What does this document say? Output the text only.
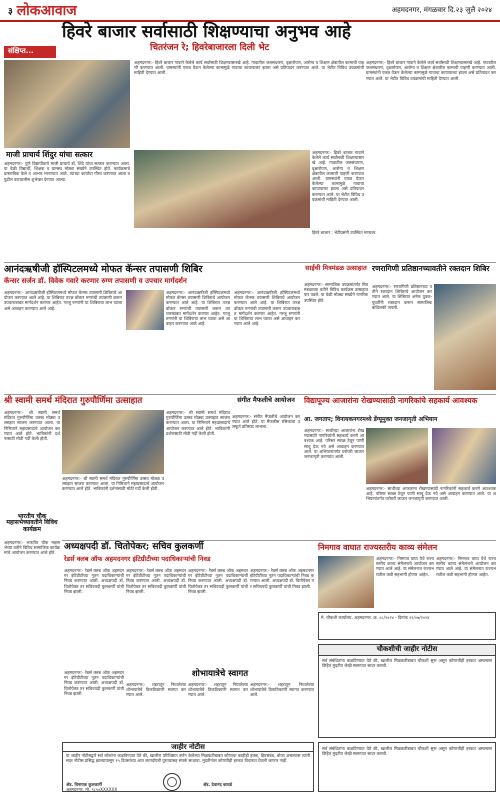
३ लोकआवाज	अहमदनगर, मंगळवार दि.२३ जुलै २०२४
संक्षिप्त...
हिवरे बाजार सर्वासाठी शिक्षण्याचा अनुभव आहे
चितरंजन रे; हिवरेबाजारला दिली भेट
माजी प्राचार्य शिंदुर यांचा सत्कार
अहमदनगर:- पुणे विद्यापीठाचे माजी प्राचार्य डॉ. शिंदे यांचा सत्कार करण्यात आला. या वेळी विद्यार्थी, शिक्षक व ग्रामस्थ मोठ्या संख्येने उपस्थित होते. कार्यक्रमाचे प्रास्ताविक केले व आभार मानण्यात आले. त्यांच्या कार्याचा गौरव करण्यात आला व पुढील वाटचालीस शुभेच्छा देण्यात आल्या.
अहमदनगर:- हिवरे बाजार गावाने केलेले कार्य सर्वांसाठी शिक्षण्यासारखे आहे. गावातील जलसंधारण, वृक्षारोपण, आरोग्य व शिक्षण क्षेत्रातील कामाची पाहणी करण्यात आली. ग्रामस्थांनी एकत्र येऊन केलेल्या कामामुळे गावाचा कायापालट झाला असे प्रतिपादन करण्यात आले. या भेटीत विविध उपक्रमांची माहिती देण्यात आली.
अहमदनगर:- हिवरे बाजार गावाने केलेले कार्य सर्वांसाठी शिक्षण्यासारखे आहे. गावातील जलसंधारण, वृक्षारोपण, आरोग्य व शिक्षण क्षेत्रातील कामाची पाहणी करण्यात आली. ग्रामस्थांनी एकत्र येऊन केलेल्या कामामुळे गावाचा कायापालट झाला असे प्रतिपादन करण्यात आले. या भेटीत विविध उपक्रमांची माहिती देण्यात आली.
हिवरे बाजार : भेटीप्रसंगी उपस्थित मान्यवर.
अहमदनगर:- हिवरे बाजार गावाने केलेले कार्य सर्वांसाठी शिक्षण्यासारखे आहे. गावातील जलसंधारण, वृक्षारोपण, आरोग्य व शिक्षण क्षेत्रातील कामाची पाहणी करण्यात आली. ग्रामस्थांनी एकत्र येऊन केलेल्या कामामुळे गावाचा कायापालट झाला असे प्रतिपादन करण्यात आले. या भेटीत विविध उपक्रमांची माहिती देण्यात आली.
आनंदऋषीजी हॉस्पिटलमध्ये मोफत कॅन्सर तपासणी शिबिर
कॅन्सर सर्जन डॉ. विवेक गवारे करणार रुग्ण तपासणी व उपचार मार्गदर्शन
अहमदनगर:- आनंदऋषीजी हॉस्पिटलमध्ये मोफत कॅन्सर तपासणी शिबिराचे आयोजन करण्यात आले आहे. या शिबिरात तज्ज्ञ डॉक्टर रुग्णांची तपासणी करून उपचाराबाबत मार्गदर्शन करणार आहेत. गरजू रुग्णांनी या शिबिराचा लाभ घ्यावा असे आवाहन करण्यात आले आहे.
अहमदनगर:- आनंदऋषीजी हॉस्पिटलमध्ये मोफत कॅन्सर तपासणी शिबिराचे आयोजन करण्यात आले आहे. या शिबिरात तज्ज्ञ डॉक्टर रुग्णांची तपासणी करून उपचाराबाबत मार्गदर्शन करणार आहेत. गरजू रुग्णांनी या शिबिराचा लाभ घ्यावा असे आवाहन करण्यात आले आहे.
अहमदनगर:- आनंदऋषीजी हॉस्पिटलमध्ये मोफत कॅन्सर तपासणी शिबिराचे आयोजन करण्यात आले आहे. या शिबिरात तज्ज्ञ डॉक्टर रुग्णांची तपासणी करून उपचाराबाबत मार्गदर्शन करणार आहेत. गरजू रुग्णांनी या शिबिराचा लाभ घ्यावा असे आवाहन करण्यात आले आहे.
साईची मित्रमंडळ उत्साहात
अहमदनगर:- सामाजिक उपक्रमांतर्गत मित्रमंडळाच्या वतीने विविध कार्यक्रम उत्साहात पार पडले. या वेळी मोठ्या संख्येने नागरिक उपस्थित होते.
रणरागिणी प्रतिष्ठानच्यावतीने रक्तदान शिबिर
अहमदनगर:- रणरागिणी प्रतिष्ठानच्या वतीने रक्तदान शिबिराचे आयोजन करण्यात आले. या शिबिरात अनेक युवक-युवतींनी रक्तदान करून सामाजिक बांधिलकी जपली.
श्री स्वामी समर्थ मंदिरात गुरुपौर्णिमा उत्साहात
अहमदनगर:- श्री स्वामी समर्थ मंदिरात गुरुपौर्णिमा उत्सव मोठ्या उत्साहात साजरा करण्यात आला. या निमित्ताने महाप्रसादाचे आयोजन करण्यात आले होते. भाविकांनी दर्शनासाठी मोठी गर्दी केली होती.
अहमदनगर:- श्री स्वामी समर्थ मंदिरात गुरुपौर्णिमा उत्सव मोठ्या उत्साहात साजरा करण्यात आला. या निमित्ताने महाप्रसादाचे आयोजन करण्यात आले होते. भाविकांनी दर्शनासाठी मोठी गर्दी केली होती.
अहमदनगर:- श्री स्वामी समर्थ मंदिरात गुरुपौर्णिमा उत्सव मोठ्या उत्साहात साजरा करण्यात आला. या निमित्ताने महाप्रसादाचे आयोजन करण्यात आले होते. भाविकांनी दर्शनासाठी मोठी गर्दी केली होती.
संगीत मैफलीचे आयोजन
अहमदनगर:- संगीत मैफलीचे आयोजन करण्यात आले होते. या मैफलीस रसिकांचा उत्स्फूर्त प्रतिसाद लाभला.
विद्यापूज्य आजारांना रोखण्यासाठी नागरिकांचे सहकार्य आवश्यक
आ. जगताप; विनायकनगरमध्ये डेंग्यूमुक्त जनजागृती अभियान
अहमदनगर:- साथीच्या आजारांना रोखण्यासाठी नागरिकांनी सहकार्य करणे आवश्यक आहे. परिसर स्वच्छ ठेवून पाणी साचू देऊ नये असे आवाहन करण्यात आले. या अभियानांतर्गत घरोघरी जाऊन जनजागृती करण्यात आली.
अहमदनगर:- साथीच्या आजारांना रोखण्यासाठी नागरिकांनी सहकार्य करणे आवश्यक आहे. परिसर स्वच्छ ठेवून पाणी साचू देऊ नये असे आवाहन करण्यात आले. या अभियानांतर्गत घरोघरी जाऊन जनजागृती करण्यात आली.
भारतीय चौक महासभेच्यावतीने विविध कार्यक्रम
अहमदनगर:- भारतीय चौक महासभेच्या वतीने विविध सामाजिक कार्यक्रमांचे आयोजन करण्यात आले होते.
अध्यक्षपदी डॉ. चितोपेकर; सचिव कुलकर्णी
रेडर्स क्लब ऑफ अहमदनगर इंटिग्रीटीच्या पदाधिकाऱ्यांची निवड
अहमदनगर:- रेडर्स क्लब ऑफ अहमदनगर इंटिग्रीटीच्या नूतन पदाधिकाऱ्यांची निवड करण्यात आली. अध्यक्षपदी डॉ. चितोपेकर तर सचिवपदी कुलकर्णी यांची निवड झाली.
अहमदनगर:- रेडर्स क्लब ऑफ अहमदनगर इंटिग्रीटीच्या नूतन पदाधिकाऱ्यांची निवड करण्यात आली. अध्यक्षपदी डॉ. चितोपेकर तर सचिवपदी कुलकर्णी यांची निवड झाली.
अहमदनगर:- रेडर्स क्लब ऑफ अहमदनगर इंटिग्रीटीच्या नूतन पदाधिकाऱ्यांची निवड करण्यात आली. अध्यक्षपदी डॉ. चितोपेकर तर सचिवपदी कुलकर्णी यांची निवड झाली.
अहमदनगर:- रेडर्स क्लब ऑफ अहमदनगर इंटिग्रीटीच्या नूतन पदाधिकाऱ्यांची निवड करण्यात आली. अध्यक्षपदी डॉ. चितोपेकर तर सचिवपदी कुलकर्णी यांची निवड झाली.
शोभायात्रेचे स्वागत
अहमदनगर:- शहरातून निघालेल्या शोभायात्रेचे ठिकठिकाणी स्वागत करण्यात आले.
अहमदनगर:- शहरातून निघालेल्या शोभायात्रेचे ठिकठिकाणी स्वागत करण्यात आले.
अहमदनगर:- शहरातून निघालेल्या शोभायात्रेचे ठिकठिकाणी स्वागत करण्यात आले.
अहमदनगर:- रेडर्स क्लब ऑफ अहमदनगर इंटिग्रीटीच्या नूतन पदाधिकाऱ्यांची निवड करण्यात आली. अध्यक्षपदी डॉ. चितोपेकर तर सचिवपदी कुलकर्णी यांची निवड झाली.
निमगाव वाघात राज्यस्तरीय काव्य संमेलन
अहमदनगर:- निमगाव वाघा येथे राज्यस्तरीय काव्य संमेलनाचे आयोजन करण्यात आले आहे. या संमेलनात राज्यभरातील कवी सहभागी होणार आहेत.
अहमदनगर:- निमगाव वाघा येथे राज्यस्तरीय काव्य संमेलनाचे आयोजन करण्यात आले आहे. या संमेलनात राज्यभरातील कवी सहभागी होणार आहेत.
मे. चौकशी कार्यालय, अहमदनगर. क्र. ०८/२०२४ - दिनांक २२/०७/२०२४
चौकशीची जाहीर नोटीस
सर्व संबंधितांना कळविण्यात येते की, खालील मिळकतीबाबत चौकशी सुरू असून कोणाचीही हरकत असल्यास विहित मुदतीत लेखी स्वरूपात सादर करावी.
जाहीर नोटीस
या जाहीर नोटीसद्वारे सर्व लोकांना कळविण्यात येते की, खालील परिशिष्टात वर्णन केलेल्या मिळकतीबाबत कोणाचा काहीही हक्क, हितसंबंध, बोजा असल्यास त्यांनी सदर नोटीस प्रसिद्ध झाल्यापासून १५ दिवसांच्या आत कागदोपत्री पुराव्यासह संपर्क साधावा. मुदतीनंतर कोणतीही हरकत विचारात घेतली जाणार नाही.
ॲड. विनायक कुलकर्णी	ॲड. देवानंद कावडे
अहमदनगर. मो. ९८५०XXXXXX
सर्व संबंधितांना कळविण्यात येते की, खालील मिळकतीबाबत चौकशी सुरू असून कोणाचीही हरकत असल्यास विहित मुदतीत लेखी स्वरूपात सादर करावी.
